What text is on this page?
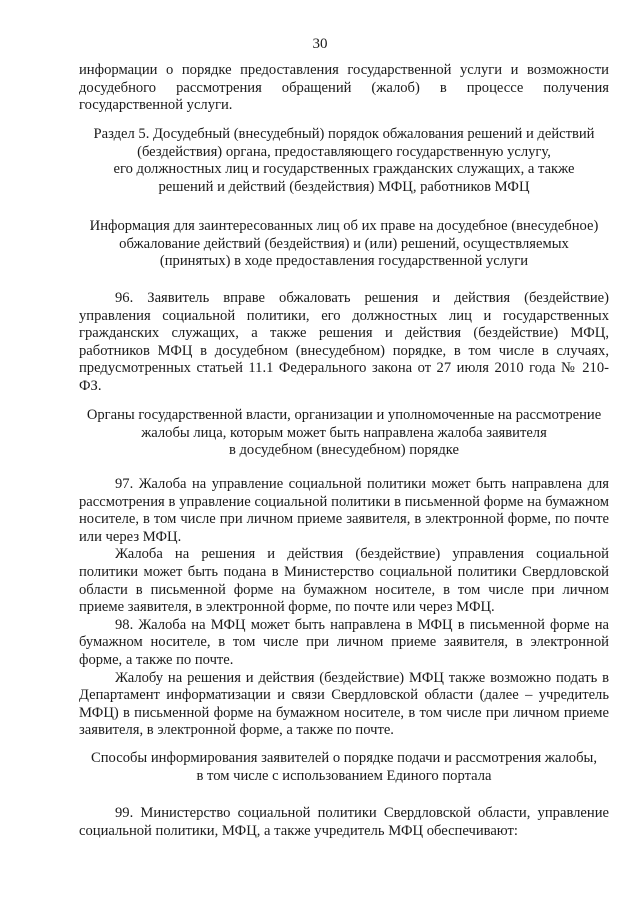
30

информации о порядке предоставления государственной услуги и возможности досудебного рассмотрения обращений (жалоб) в процессе получения государственной услуги.

Раздел 5. Досудебный (внесудебный) порядок обжалования решений и действий

(бездействия) органа, предоставляющего государственную услугу,

его должностных лиц и государственных гражданских служащих, а также

решений и действий (бездействия) МФЦ, работников МФЦ

Информация для заинтересованных лиц об их праве на досудебное (внесудебное)

обжалование действий (бездействия) и (или) решений, осуществляемых

(принятых) в ходе предоставления государственной услуги

96. Заявитель вправе обжаловать решения и действия (бездействие) управления социальной политики, его должностных лиц и государственных гражданских служащих, а также решения и действия (бездействие) МФЦ, работников МФЦ в досудебном (внесудебном) порядке, в том числе в случаях, предусмотренных статьей 11.1 Федерального закона от 27 июля 2010 года № 210-ФЗ.

Органы государственной власти, организации и уполномоченные на рассмотрение

жалобы лица, которым может быть направлена жалоба заявителя

в досудебном (внесудебном) порядке

97. Жалоба на управление социальной политики может быть направлена для рассмотрения в управление социальной политики в письменной форме на бумажном носителе, в том числе при личном приеме заявителя, в электронной форме, по почте или через МФЦ.

Жалоба на решения и действия (бездействие) управления социальной политики может быть подана в Министерство социальной политики Свердловской области в письменной форме на бумажном носителе, в том числе при личном приеме заявителя, в электронной форме, по почте или через МФЦ.

98. Жалоба на МФЦ может быть направлена в МФЦ в письменной форме на бумажном носителе, в том числе при личном приеме заявителя, в электронной форме, а также по почте.

Жалобу на решения и действия (бездействие) МФЦ также возможно подать в Департамент информатизации и связи Свердловской области (далее – учредитель МФЦ) в письменной форме на бумажном носителе, в том числе при личном приеме заявителя, в электронной форме, а также по почте.

Способы информирования заявителей о порядке подачи и рассмотрения жалобы,

в том числе с использованием Единого портала

99. Министерство социальной политики Свердловской области, управление социальной политики, МФЦ, а также учредитель МФЦ обеспечивают:
